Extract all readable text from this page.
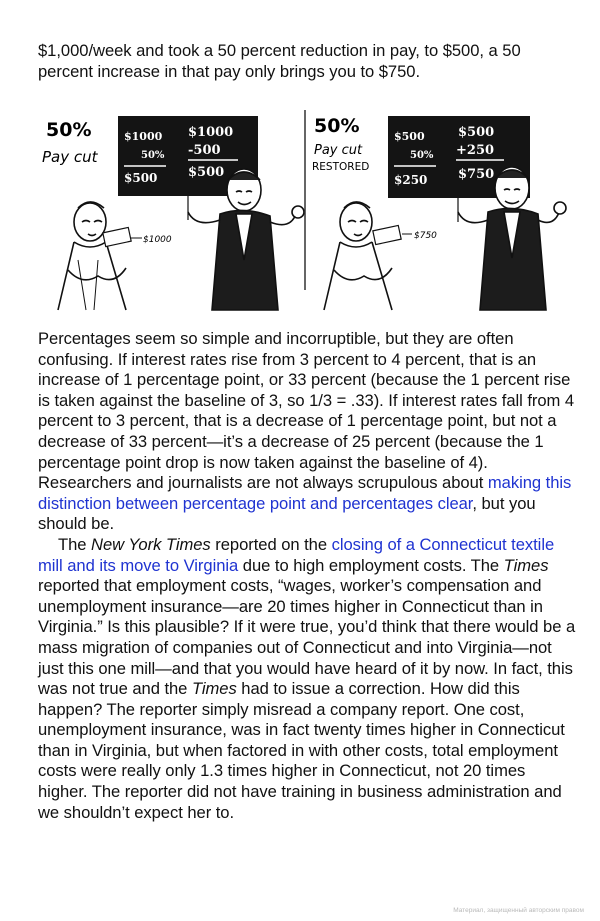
$1,000/week and took a 50 percent reduction in pay, to $500, a 50 percent increase in that pay only brings you to $750.

50%
Pay cut
$1000
50%
$500
$1000
-500
$500
$1000
50%
Pay cut
RESTORED
$500
50%
$250
$500
+250
$750
$750

Percentages seem so simple and incorruptible, but they are often confusing. If interest rates rise from 3 percent to 4 percent, that is an increase of 1 percentage point, or 33 percent (because the 1 percent rise is taken against the baseline of 3, so 1/3 = .33). If interest rates fall from 4 percent to 3 percent, that is a decrease of 1 percentage point, but not a decrease of 33 percent—it’s a decrease of 25 percent (because the 1 percentage point drop is now taken against the baseline of 4). Researchers and journalists are not always scrupulous about making this distinction between percentage point and percentages clear, but you should be.

The New York Times reported on the closing of a Connecticut textile mill and its move to Virginia due to high employment costs. The Times reported that employment costs, “wages, worker’s compensation and unemployment insurance—are 20 times higher in Connecticut than in Virginia.” Is this plausible? If it were true, you’d think that there would be a mass migration of companies out of Connecticut and into Virginia—not just this one mill—and that you would have heard of it by now. In fact, this was not true and the Times had to issue a correction. How did this happen? The reporter simply misread a company report. One cost, unemployment insurance, was in fact twenty times higher in Connecticut than in Virginia, but when factored in with other costs, total employment costs were really only 1.3 times higher in Connecticut, not 20 times higher. The reporter did not have training in business administration and we shouldn’t expect her to.

Материал, защищенный авторским правом
